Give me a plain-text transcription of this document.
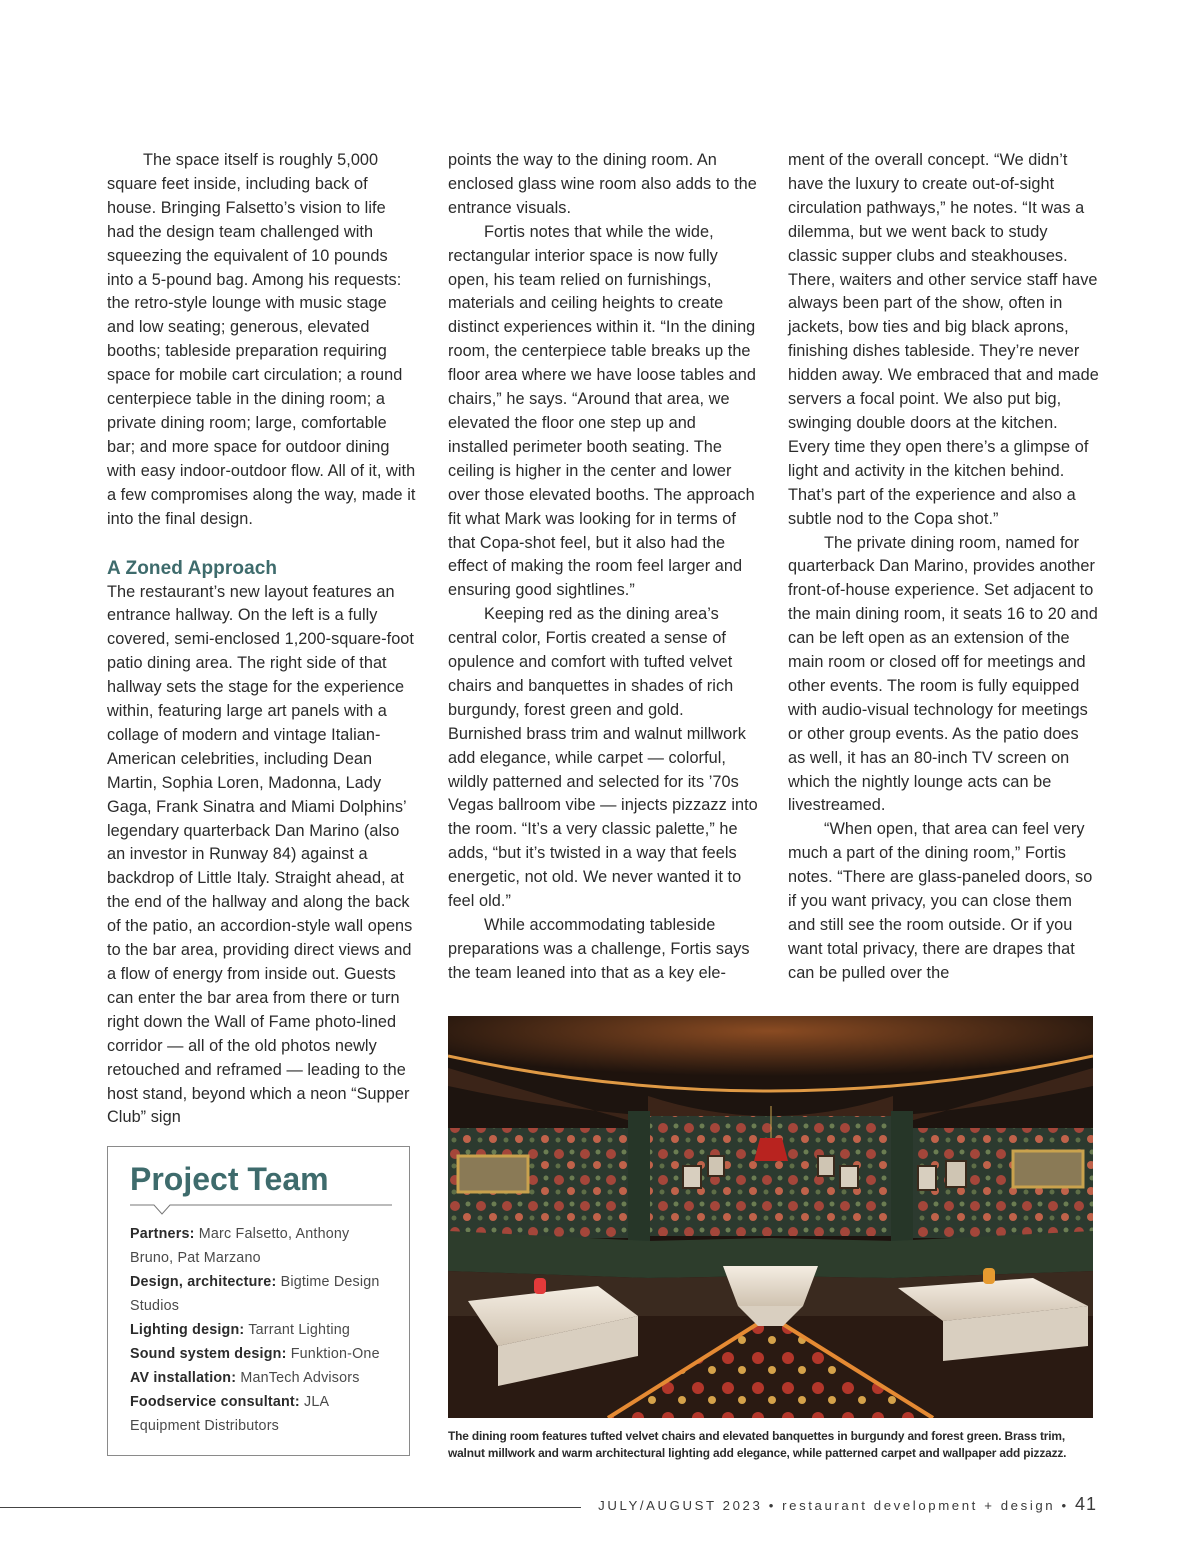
The space itself is roughly 5,000 square feet inside, including back of house. Bringing Falsetto’s vision to life had the design team challenged with squeezing the equivalent of 10 pounds into a 5-pound bag. Among his requests: the retro-style lounge with music stage and low seating; generous, elevated booths; tableside preparation requiring space for mobile cart circulation; a round centerpiece table in the dining room; a private dining room; large, comfortable bar; and more space for outdoor dining with easy indoor-outdoor flow. All of it, with a few compromises along the way, made it into the final design.

A Zoned Approach

The restaurant’s new layout features an entrance hallway. On the left is a fully covered, semi-enclosed 1,200-square-foot patio dining area. The right side of that hallway sets the stage for the experience within, featuring large art panels with a collage of modern and vintage Italian-American celebrities, including Dean Martin, Sophia Loren, Madonna, Lady Gaga, Frank Sinatra and Miami Dolphins’ legendary quarterback Dan Marino (also an investor in Runway 84) against a backdrop of Little Italy. Straight ahead, at the end of the hallway and along the back of the patio, an accordion-style wall opens to the bar area, providing direct views and a flow of energy from inside out. Guests can enter the bar area from there or turn right down the Wall of Fame photo-lined corridor — all of the old photos newly retouched and reframed — leading to the host stand, beyond which a neon “Supper Club” sign

points the way to the dining room. An enclosed glass wine room also adds to the entrance visuals.

Fortis notes that while the wide, rectangular interior space is now fully open, his team relied on furnishings, materials and ceiling heights to create distinct experiences within it. “In the dining room, the centerpiece table breaks up the floor area where we have loose tables and chairs,” he says. “Around that area, we elevated the floor one step up and installed perimeter booth seating. The ceiling is higher in the center and lower over those elevated booths. The approach fit what Mark was looking for in terms of that Copa-shot feel, but it also had the effect of making the room feel larger and ensuring good sightlines.”

Keeping red as the dining area’s central color, Fortis created a sense of opulence and comfort with tufted velvet chairs and banquettes in shades of rich burgundy, forest green and gold. Burnished brass trim and walnut millwork add elegance, while carpet — colorful, wildly patterned and selected for its ’70s Vegas ballroom vibe — injects pizzazz into the room. “It’s a very classic palette,” he adds, “but it’s twisted in a way that feels energetic, not old. We never wanted it to feel old.”

While accommodating tableside preparations was a challenge, Fortis says the team leaned into that as a key ele-

ment of the overall concept. “We didn’t have the luxury to create out-of-sight circulation pathways,” he notes. “It was a dilemma, but we went back to study classic supper clubs and steakhouses. There, waiters and other service staff have always been part of the show, often in jackets, bow ties and big black aprons, finishing dishes tableside. They’re never hidden away. We embraced that and made servers a focal point. We also put big, swinging double doors at the kitchen. Every time they open there’s a glimpse of light and activity in the kitchen behind. That’s part of the experience and also a subtle nod to the Copa shot.”

The private dining room, named for quarterback Dan Marino, provides another front-of-house experience. Set adjacent to the main dining room, it seats 16 to 20 and can be left open as an extension of the main room or closed off for meetings and other events. The room is fully equipped with audio-visual technology for meetings or other group events. As the patio does as well, it has an 80-inch TV screen on which the nightly lounge acts can be livestreamed.

“When open, that area can feel very much a part of the dining room,” Fortis notes. “There are glass-paneled doors, so if you want privacy, you can close them and still see the room outside. Or if you want total privacy, there are drapes that can be pulled over the

Project Team

Partners: Marc Falsetto, Anthony Bruno, Pat Marzano

Design, architecture: Bigtime Design Studios

Lighting design: Tarrant Lighting

Sound system design: Funktion-One

AV installation: ManTech Advisors

Foodservice consultant: JLA Equipment Distributors

The dining room features tufted velvet chairs and elevated banquettes in burgundy and forest green. Brass trim,

walnut millwork and warm architectural lighting add elegance, while patterned carpet and wallpaper add pizzazz.

JULY/AUGUST 2023 • restaurant development + design • 41
